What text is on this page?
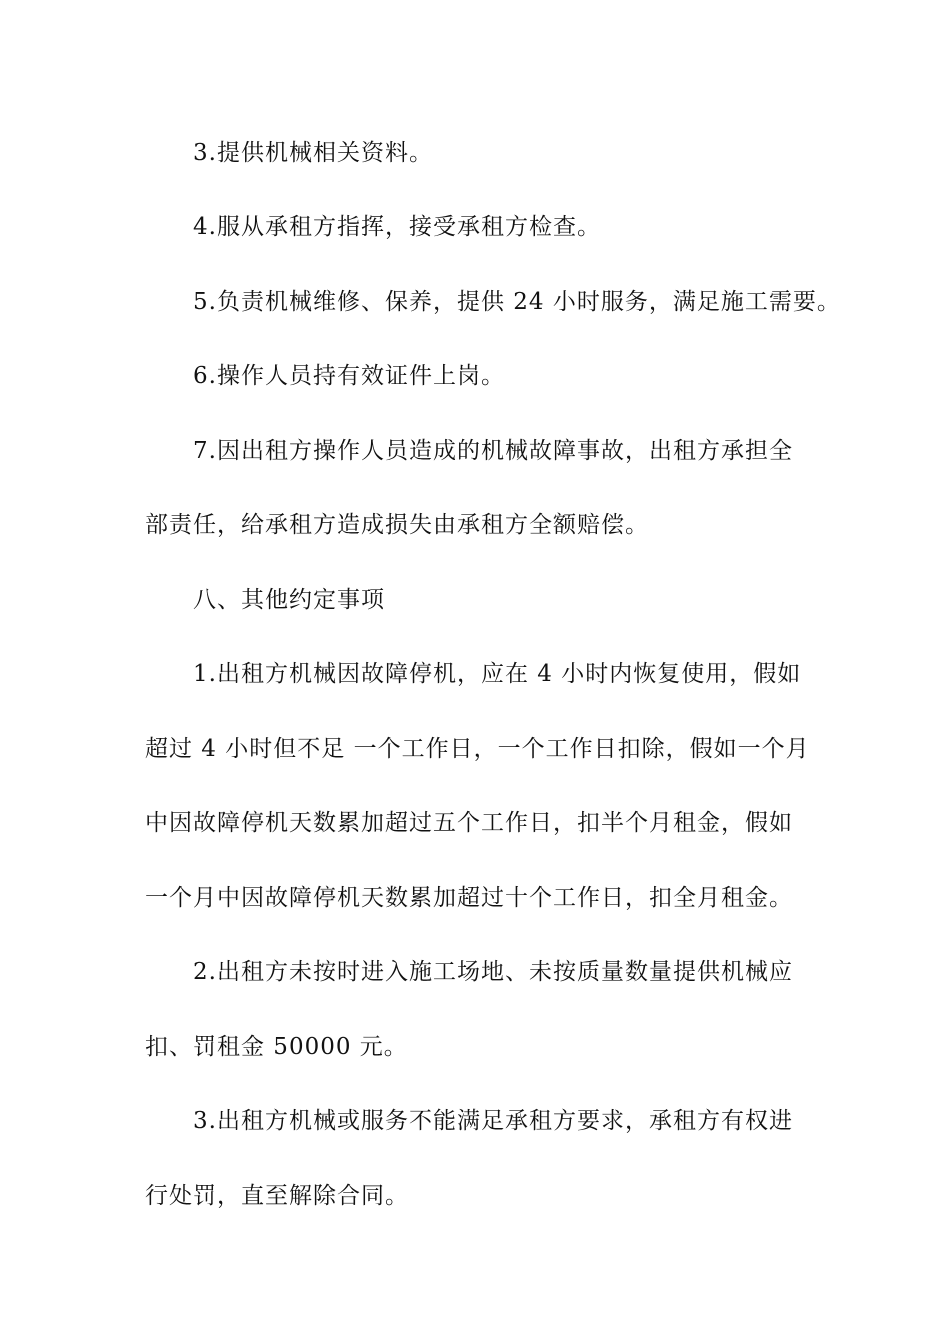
3.提供机械相关资料。
4.服从承租方指挥，接受承租方检查。
5.负责机械维修、保养，提供 24 小时服务，满足施工需要。
6.操作人员持有效证件上岗。
7.因出租方操作人员造成的机械故障事故，出租方承担全
部责任，给承租方造成损失由承租方全额赔偿。
八、其他约定事项
1.出租方机械因故障停机，应在 4 小时内恢复使用，假如
超过 4 小时但不足 一个工作日，一个工作日扣除，假如一个月
中因故障停机天数累加超过五个工作日，扣半个月租金，假如
一个月中因故障停机天数累加超过十个工作日，扣全月租金。
2.出租方未按时进入施工场地、未按质量数量提供机械应
扣、罚租金 50000 元。
3.出租方机械或服务不能满足承租方要求，承租方有权进
行处罚，直至解除合同。
